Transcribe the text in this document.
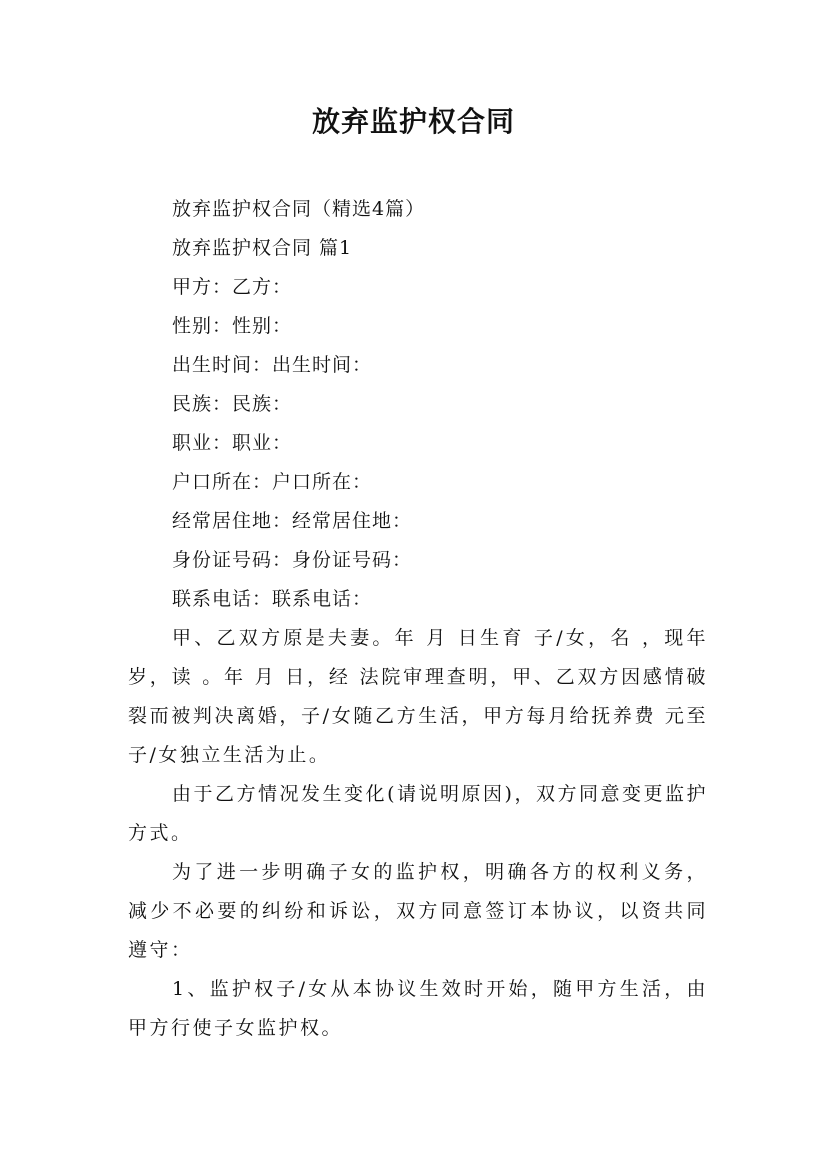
放弃监护权合同
放弃监护权合同（精选4篇）
放弃监护权合同 篇1
甲方：乙方：
性别：性别：
出生时间：出生时间：
民族：民族：
职业：职业：
户口所在：户口所在：
经常居住地：经常居住地：
身份证号码：身份证号码：
联系电话：联系电话：

甲、乙双方原是夫妻。年 月 日生育 子/女，名 ，现年 岁，读 。年 月 日，经 法院审理查明，甲、乙双方因感情破裂而被判决离婚，子/女随乙方生活，甲方每月给抚养费 元至子/女独立生活为止。

由于乙方情况发生变化(请说明原因)，双方同意变更监护方式。

为了进一步明确子女的监护权，明确各方的权利义务，减少不必要的纠纷和诉讼，双方同意签订本协议，以资共同遵守：

1、监护权子/女从本协议生效时开始，随甲方生活，由甲方行使子女监护权。
